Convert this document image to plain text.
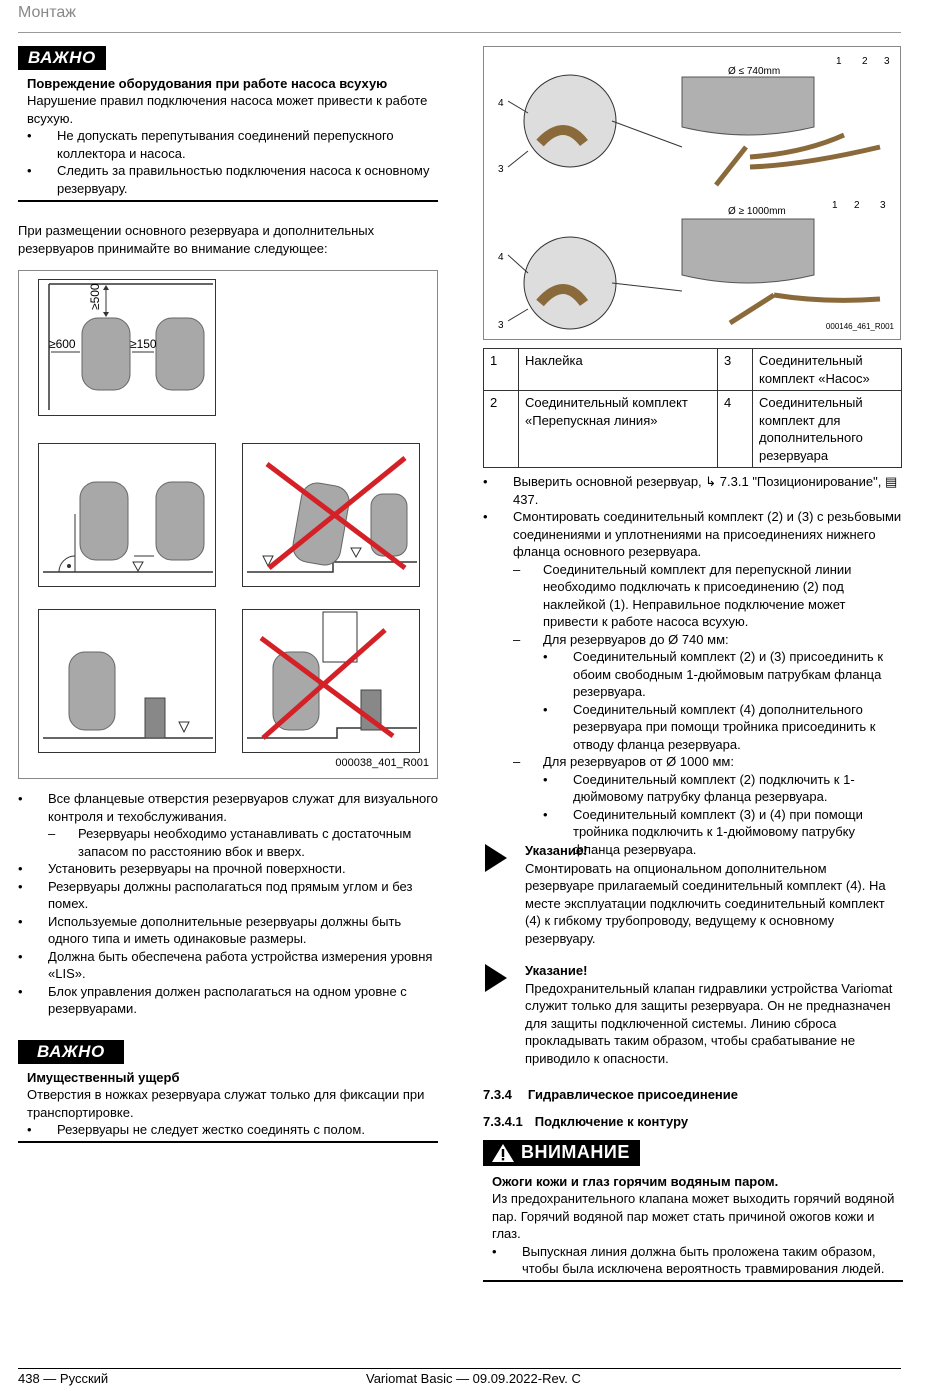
Монтаж
ВАЖНО
Повреждение оборудования при работе насоса всухую
Нарушение правил подключения насоса может привести к работе всухую.
• Не допускать перепутывания соединений перепускного коллектора и насоса.
• Следить за правильностью подключения насоса к основному резервуару.
При размещении основного резервуара и дополнительных резервуаров принимайте во внимание следующее:
≥500
≥600	≥150
000038_401_R001
• Все фланцевые отверстия резервуаров служат для визуального контроля и техобслуживания.
– Резервуары необходимо устанавливать с достаточным запасом по расстоянию вбок и вверх.
• Установить резервуары на прочной поверхности.
• Резервуары должны располагаться под прямым углом и без помех.
• Используемые дополнительные резервуары должны быть одного типа и иметь одинаковые размеры.
• Должна быть обеспечена работа устройства измерения уровня «LIS».
• Блок управления должен располагаться на одном уровне с резервуарами.
ВАЖНО
Имущественный ущерб
Отверстия в ножках резервуара служат только для фиксации при транспортировке.
• Резервуары не следует жестко соединять с полом.
Ø ≤ 740mm
Ø ≥ 1000mm
1 2 3
4
3
1 2 3
4
3	000146_461_R001
1	Наклейка	3	Соединительный комплект «Насос»
2	Соединительный комплект «Перепускная линия»	4	Соединительный комплект для дополнительного резервуара
• Выверить основной резервуар, ↳ 7.3.1 "Позиционирование", ▤ 437.
• Смонтировать соединительный комплект (2) и (3) с резьбовыми соединениями и уплотнениями на присоединениях нижнего фланца основного резервуара.
– Соединительный комплект для перепускной линии необходимо подключать к присоединению (2) под наклейкой (1). Неправильное подключение может привести к работе насоса всухую.
– Для резервуаров до Ø 740 мм:
• Соединительный комплект (2) и (3) присоединить к обоим свободным 1-дюймовым патрубкам фланца резервуара.
• Соединительный комплект (4) дополнительного резервуара при помощи тройника присоединить к отводу фланца резервуара.
– Для резервуаров от Ø 1000 мм:
• Соединительный комплект (2) подключить к 1-дюймовому патрубку фланца резервуара.
• Соединительный комплект (3) и (4) при помощи тройника подключить к 1-дюймовому патрубку фланца резервуара.
Указание!
Смонтировать на опциональном дополнительном резервуаре прилагаемый соединительный комплект (4). На месте эксплуатации подключить соединительный комплект (4) к гибкому трубопроводу, ведущему к основному резервуару.
Указание!
Предохранительный клапан гидравлики устройства Variomat служит только для защиты резервуара. Он не предназначен для защиты подключенной системы. Линию сброса прокладывать таким образом, чтобы срабатывание не приводило к опасности.
7.3.4 Гидравлическое присоединение
7.3.4.1 Подключение к контуру
ВНИМАНИЕ
Ожоги кожи и глаз горячим водяным паром.
Из предохранительного клапана может выходить горячий водяной пар. Горячий водяной пар может стать причиной ожогов кожи и глаз.
• Выпускная линия должна быть проложена таким образом, чтобы была исключена вероятность травмирования людей.
438 — Русский	Variomat Basic — 09.09.2022-Rev. C
